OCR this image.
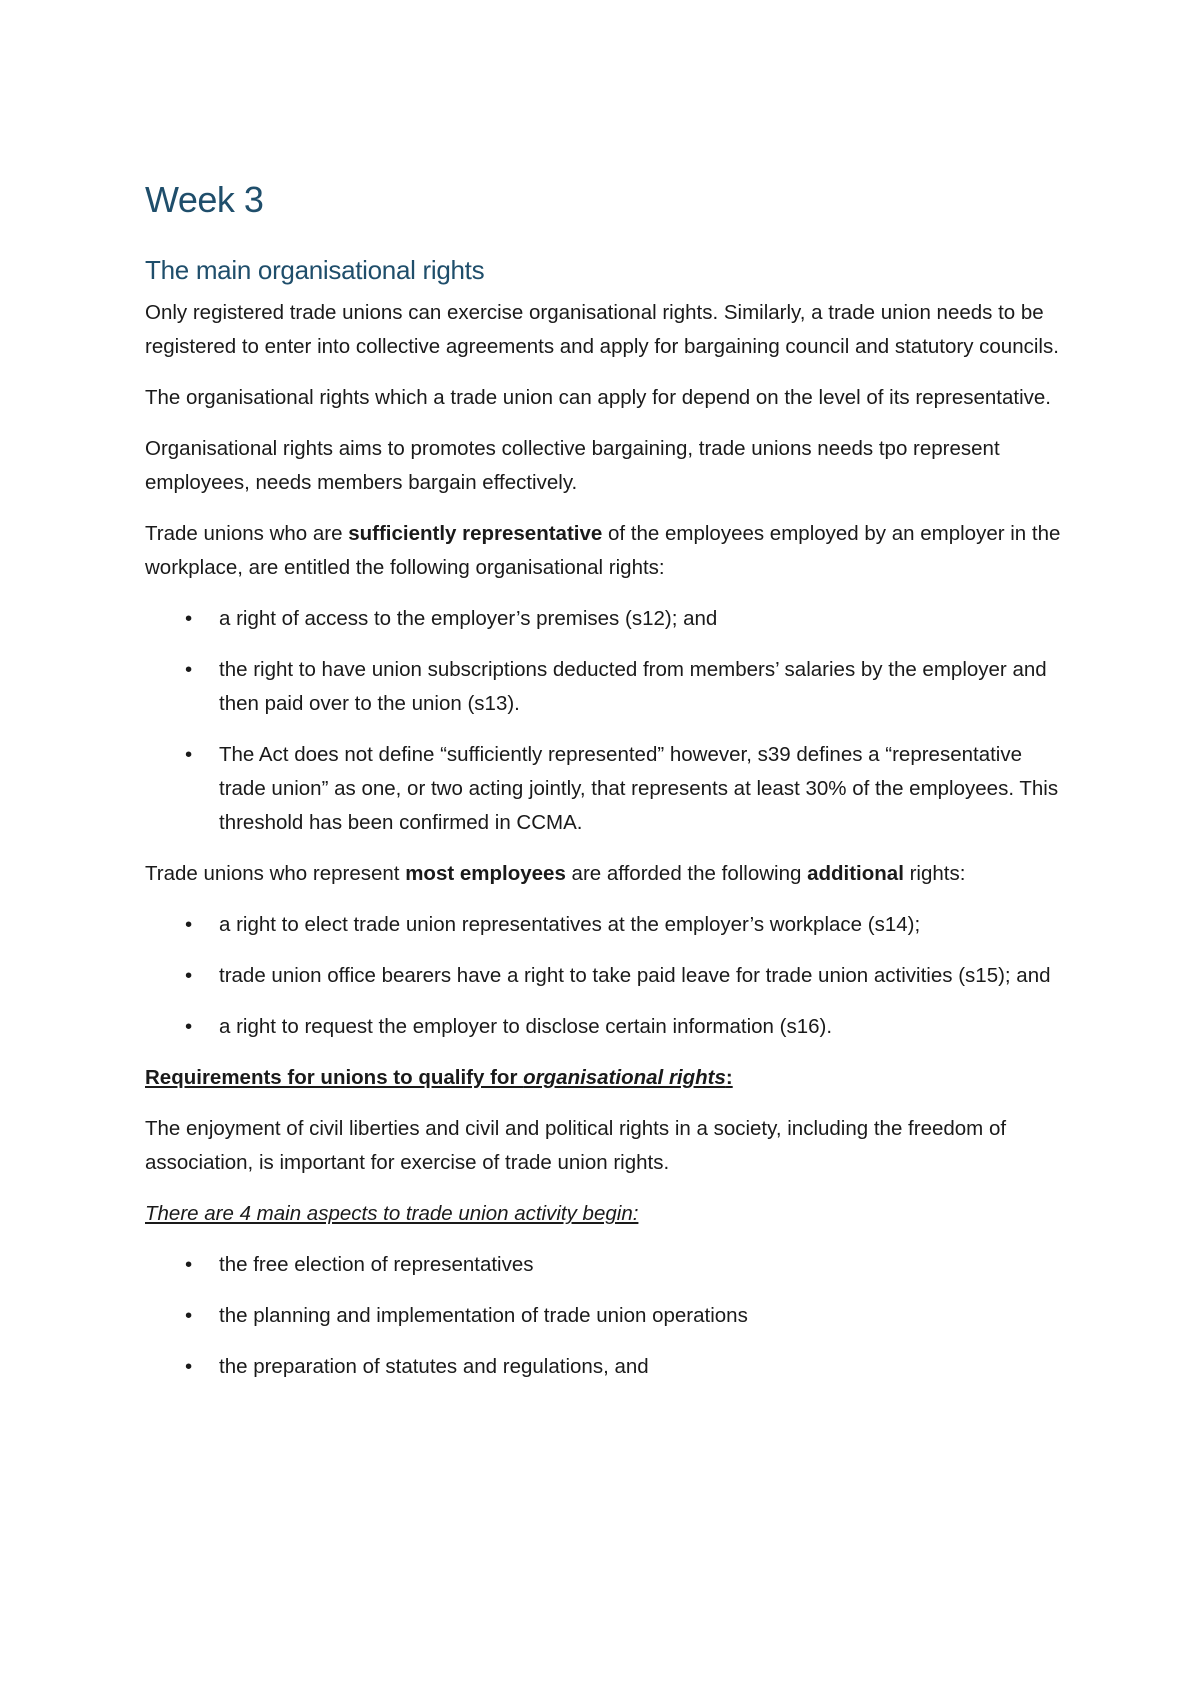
Week 3
The main organisational rights

Only registered trade unions can exercise organisational rights. Similarly, a trade union needs to be registered to enter into collective agreements and apply for bargaining council and statutory councils.

The organisational rights which a trade union can apply for depend on the level of its representative.

Organisational rights aims to promotes collective bargaining, trade unions needs tpo represent employees, needs members bargain effectively.

Trade unions who are sufficiently representative of the employees employed by an employer in the workplace, are entitled the following organisational rights:

• a right of access to the employer’s premises (s12); and
• the right to have union subscriptions deducted from members’ salaries by the employer and then paid over to the union (s13).
• The Act does not define “sufficiently represented” however, s39 defines a “representative trade union” as one, or two acting jointly, that represents at least 30% of the employees. This threshold has been confirmed in CCMA.

Trade unions who represent most employees are afforded the following additional rights:

• a right to elect trade union representatives at the employer’s workplace (s14);
• trade union office bearers have a right to take paid leave for trade union activities (s15); and
• a right to request the employer to disclose certain information (s16).

Requirements for unions to qualify for organisational rights:

The enjoyment of civil liberties and civil and political rights in a society, including the freedom of association, is important for exercise of trade union rights.

There are 4 main aspects to trade union activity begin:

• the free election of representatives
• the planning and implementation of trade union operations
• the preparation of statutes and regulations, and
